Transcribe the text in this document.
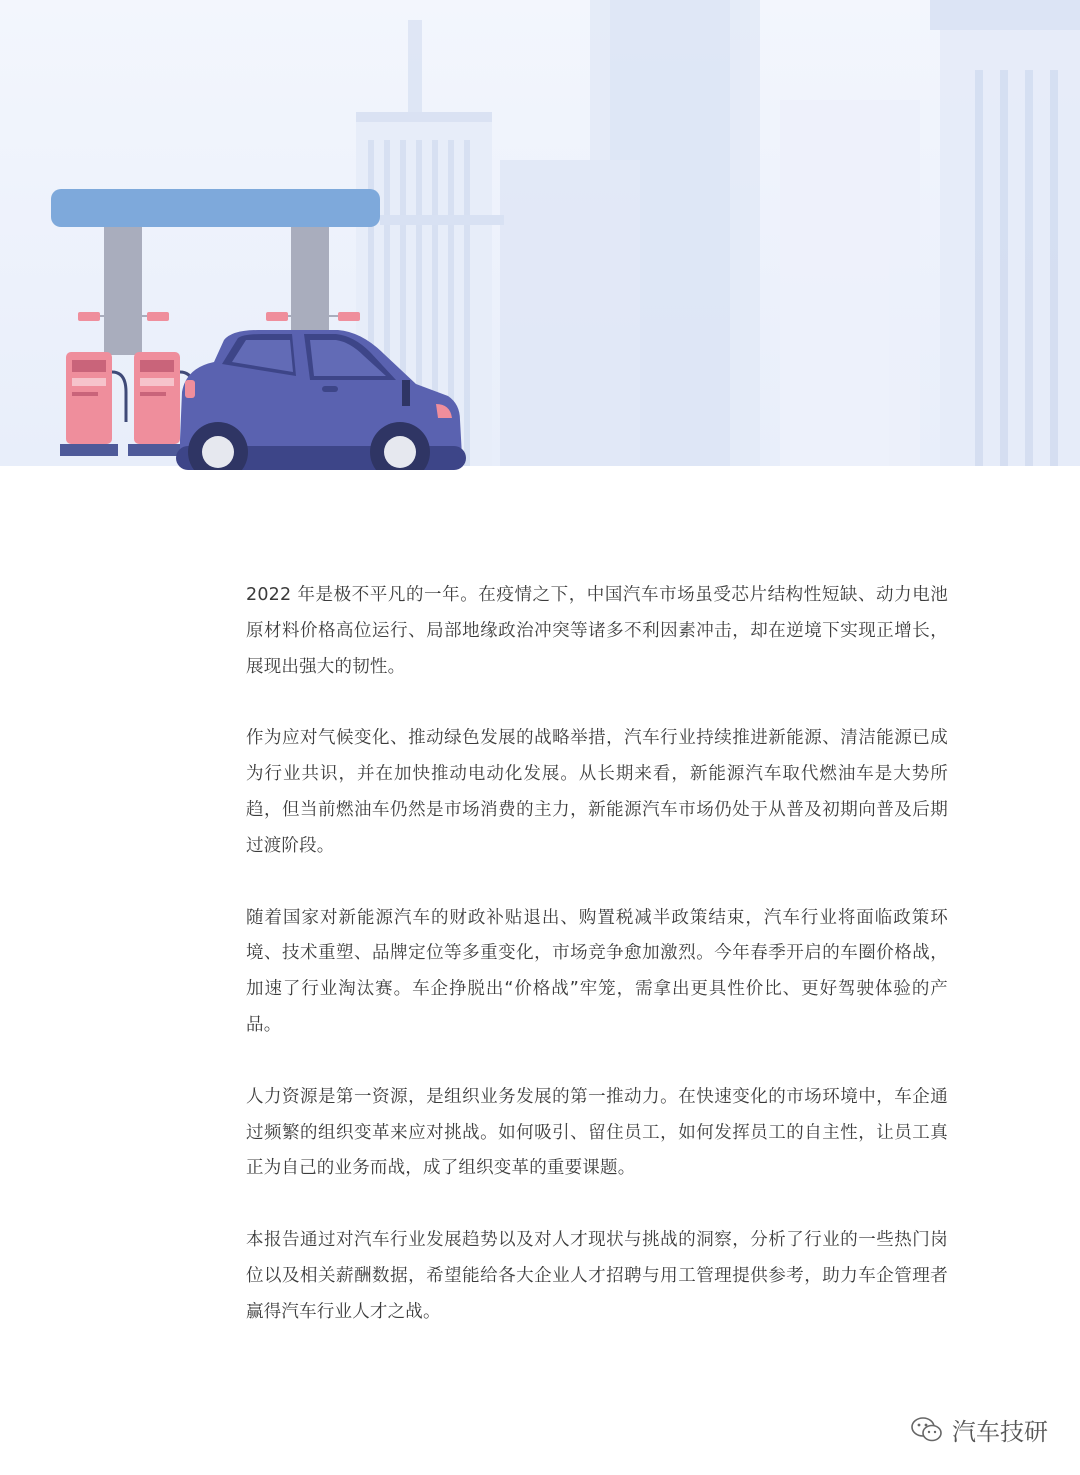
2022 年是极不平凡的一年。在疫情之下，中国汽车市场虽受芯片结构性短缺、动力电池原材料价格高位运行、局部地缘政治冲突等诸多不利因素冲击，却在逆境下实现正增长，展现出强大的韧性。

作为应对气候变化、推动绿色发展的战略举措，汽车行业持续推进新能源、清洁能源已成为行业共识，并在加快推动电动化发展。从长期来看，新能源汽车取代燃油车是大势所趋，但当前燃油车仍然是市场消费的主力，新能源汽车市场仍处于从普及初期向普及后期过渡阶段。

随着国家对新能源汽车的财政补贴退出、购置税减半政策结束，汽车行业将面临政策环境、技术重塑、品牌定位等多重变化，市场竞争愈加激烈。今年春季开启的车圈价格战，加速了行业淘汰赛。车企挣脱出“价格战”牢笼，需拿出更具性价比、更好驾驶体验的产品。

人力资源是第一资源，是组织业务发展的第一推动力。在快速变化的市场环境中，车企通过频繁的组织变革来应对挑战。如何吸引、留住员工，如何发挥员工的自主性，让员工真正为自己的业务而战，成了组织变革的重要课题。

本报告通过对汽车行业发展趋势以及对人才现状与挑战的洞察，分析了行业的一些热门岗位以及相关薪酬数据，希望能给各大企业人才招聘与用工管理提供参考，助力车企管理者赢得汽车行业人才之战。

汽车技研
